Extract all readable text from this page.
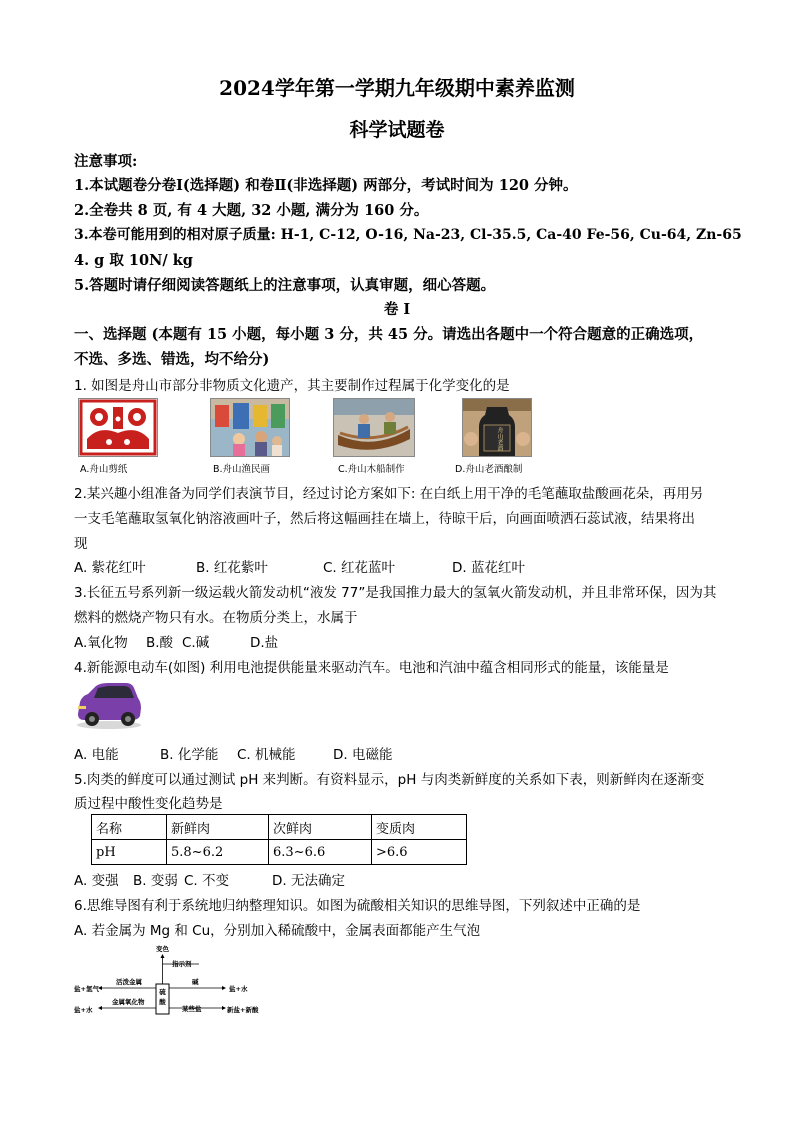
2024学年第一学期九年级期中素养监测
科学试题卷
注意事项:
1.本试题卷分卷Ⅰ(选择题) 和卷Ⅱ(非选择题) 两部分，考试时间为 120 分钟。
2.全卷共 8 页, 有 4 大题, 32 小题, 满分为 160 分。
3.本卷可能用到的相对原子质量: H-1, C-12, O-16, Na-23, Cl-35.5, Ca-40 Fe-56, Cu-64, Zn-65
4. g 取 10N/ kg
5.答题时请仔细阅读答题纸上的注意事项，认真审题，细心答题。
卷 Ⅰ
一、选择题 (本题有 15 小题，每小题 3 分，共 45 分。请选出各题中一个符合题意的正确选项，
不选、多选、错选，均不给分)
1. 如图是舟山市部分非物质文化遗产，其主要制作过程属于化学变化的是
A.舟山剪纸	B.舟山渔民画	C.舟山木船制作
舟山老酒
D.舟山老酒酿制
2.某兴趣小组准备为同学们表演节目，经过讨论方案如下: 在白纸上用干净的毛笔蘸取盐酸画花朵，再用另
一支毛笔蘸取氢氧化钠溶液画叶子，然后将这幅画挂在墙上，待晾干后，向画面喷洒石蕊试液，结果将出
现
A. 紫花红叶	B. 红花紫叶	C. 红花蓝叶	D. 蓝花红叶
3.长征五号系列新一级运载火箭发动机“液发 77”是我国推力最大的氢氧火箭发动机，并且非常环保，因为其
燃料的燃烧产物只有水。在物质分类上，水属于
A.氧化物 B.酸 C.碱	D.盐
4.新能源电动车(如图) 利用电池提供能量来驱动汽车。电池和汽油中蕴含相同形式的能量，该能量是
A. 电能	B. 化学能 C. 机械能	D. 电磁能
5.肉类的鲜度可以通过测试 pH 来判断。有资料显示，pH 与肉类新鲜度的关系如下表，则新鲜肉在逐渐变
质过程中酸性变化趋势是
名称	新鲜肉	次鲜肉	变质肉
pH	5.8~6.2	6.3~6.6	>6.6
A. 变强 B. 变弱 C. 不变	D. 无法确定
6.思维导图有利于系统地归纳整理知识。如图为硫酸相关知识的思维导图，下列叙述中正确的是
A. 若金属为 Mg 和 Cu，分别加入稀硫酸中，金属表面都能产生气泡
变色
指示剂
活泼金属
盐+氢气
金属氧化物
盐+水
碱
盐+水
某些盐	新盐+新酸
硫酸
